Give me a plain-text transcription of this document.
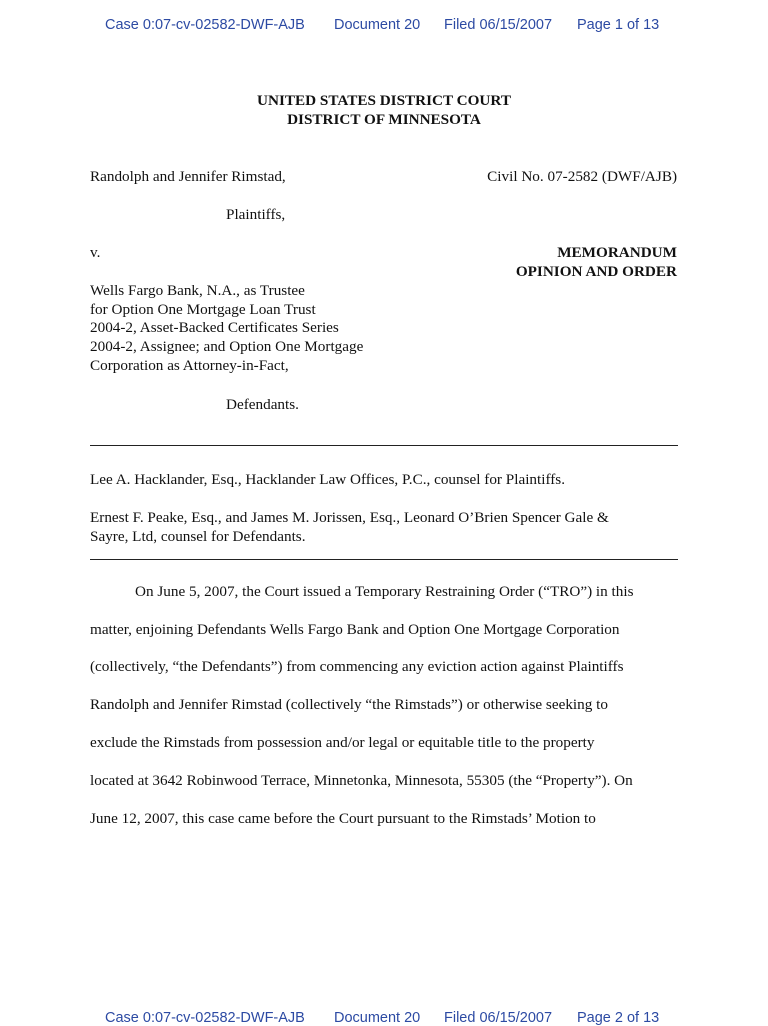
Case 0:07-cv-02582-DWF-AJB Document 20 Filed 06/15/2007 Page 1 of 13
UNITED STATES DISTRICT COURT
DISTRICT OF MINNESOTA
Randolph and Jennifer Rimstad,	Civil No. 07-2582 (DWF/AJB)
Plaintiffs,
v.	MEMORANDUM
OPINION AND ORDER
Wells Fargo Bank, N.A., as Trustee
for Option One Mortgage Loan Trust
2004-2, Asset-Backed Certificates Series
2004-2, Assignee; and Option One Mortgage
Corporation as Attorney-in-Fact,
Defendants.
Lee A. Hacklander, Esq., Hacklander Law Offices, P.C., counsel for Plaintiffs.
Ernest F. Peake, Esq., and James M. Jorissen, Esq., Leonard O’Brien Spencer Gale &
Sayre, Ltd, counsel for Defendants.
On June 5, 2007, the Court issued a Temporary Restraining Order (“TRO”) in this
matter, enjoining Defendants Wells Fargo Bank and Option One Mortgage Corporation
(collectively, “the Defendants”) from commencing any eviction action against Plaintiffs
Randolph and Jennifer Rimstad (collectively “the Rimstads”) or otherwise seeking to
exclude the Rimstads from possession and/or legal or equitable title to the property
located at 3642 Robinwood Terrace, Minnetonka, Minnesota, 55305 (the “Property”). On
June 12, 2007, this case came before the Court pursuant to the Rimstads’ Motion to
Case 0:07-cv-02582-DWF-AJB Document 20 Filed 06/15/2007 Page 2 of 13
